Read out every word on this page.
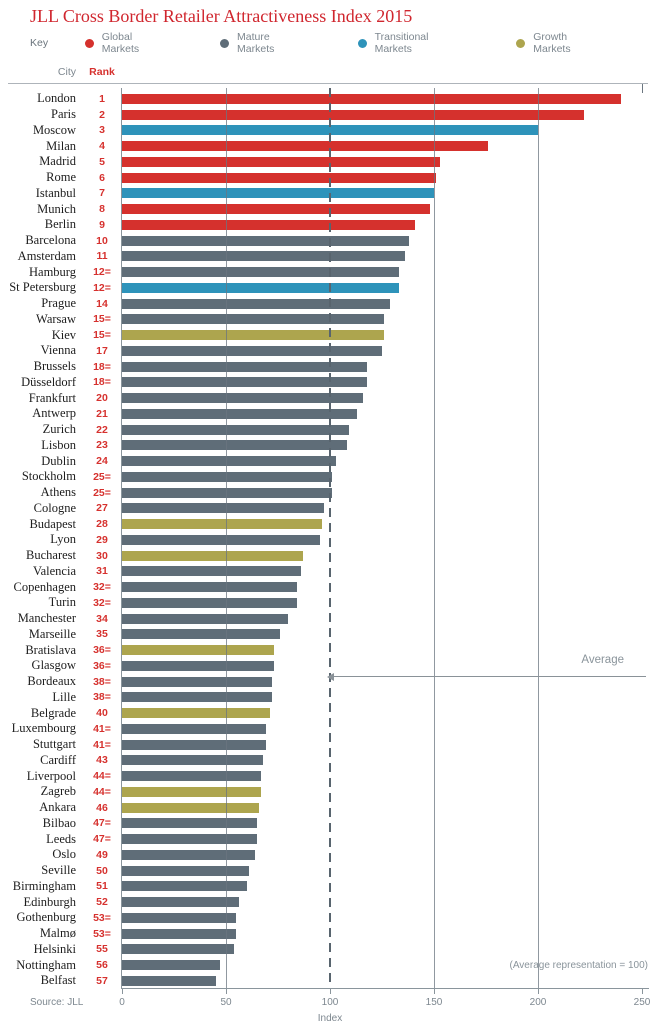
JLL Cross Border Retailer Attractiveness Index 2015
Key	Global Markets
Mature Markets
Transitional Markets
Growth Markets
City	Rank
London	1
Paris	2
Moscow	3
Milan	4
Madrid	5
Rome	6
Istanbul	7
Munich	8
Berlin	9
Barcelona	10
Amsterdam	11
Hamburg	12=
St Petersburg	12=
Prague	14
Warsaw	15=
Kiev	15=
Vienna	17
Brussels	18=
Düsseldorf	18=
Frankfurt	20
Antwerp	21
Zurich	22
Lisbon	23
Dublin	24
Stockholm	25=
Athens	25=
Cologne	27
Budapest	28
Lyon	29
Bucharest	30
Valencia	31
Copenhagen	32=
Turin	32=
Manchester	34
Marseille	35
Bratislava	36=
Glasgow	36=
Bordeaux	38=
Lille	38=
Belgrade	40
Luxembourg	41=
Stuttgart	41=
Cardiff	43
Liverpool	44=
Zagreb	44=
Ankara	46
Bilbao	47=
Leeds	47=
Oslo	49
Seville	50
Birmingham	51
Edinburgh	52
Gothenburg	53=
Malmø	53=
Helsinki	55
Nottingham	56
Belfast	57
Average
(Average representation = 100)
Source: JLL	0	50	100	150	200	250
Index
